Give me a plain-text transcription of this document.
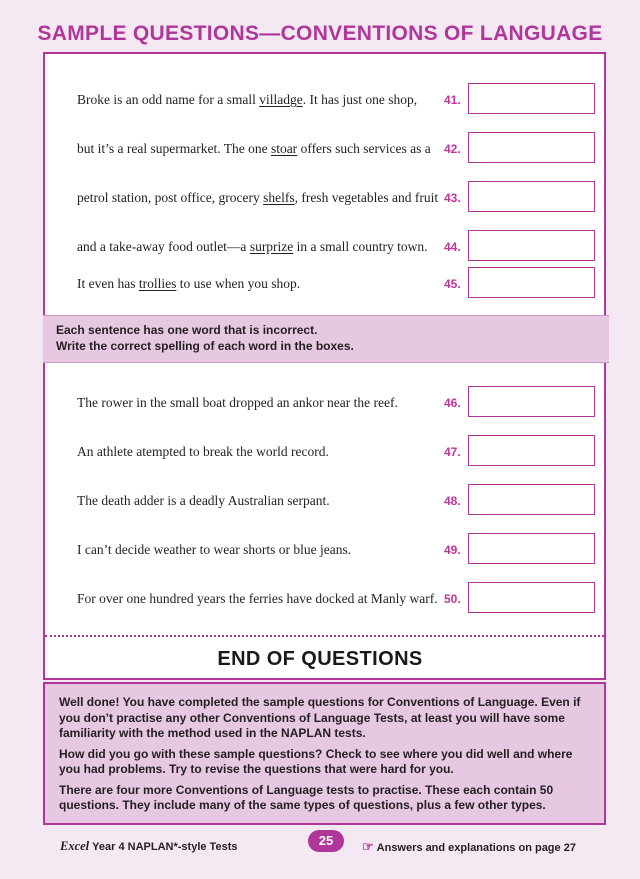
SAMPLE QUESTIONS—CONVENTIONS OF LANGUAGE
Broke is an odd name for a small villadge. It has just one shop, 41.
but it’s a real supermarket. The one stoar offers such services as a 42.
petrol station, post office, grocery shelfs, fresh vegetables and fruit 43.
and a take-away food outlet—a surprize in a small country town. 44.
It even has trollies to use when you shop.	45.
Each sentence has one word that is incorrect.
Write the correct spelling of each word in the boxes.
The rower in the small boat dropped an ankor near the reef.	46.
An athlete atempted to break the world record.	47.
The death adder is a deadly Australian serpant.	48.
I can’t decide weather to wear shorts or blue jeans.	49.
For over one hundred years the ferries have docked at Manly warf. 50.
END OF QUESTIONS

Well done! You have completed the sample questions for Conventions of Language. Even if you don’t practise any other Conventions of Language Tests, at least you will have some familiarity with the method used in the NAPLAN tests.

How did you go with these sample questions? Check to see where you did well and where you had problems. Try to revise the questions that were hard for you.

There are four more Conventions of Language tests to practise. These each contain 50 questions. They include many of the same types of questions, plus a few other types.

Excel Year 4 NAPLAN*-style Tests	25	☞ Answers and explanations on page 27
